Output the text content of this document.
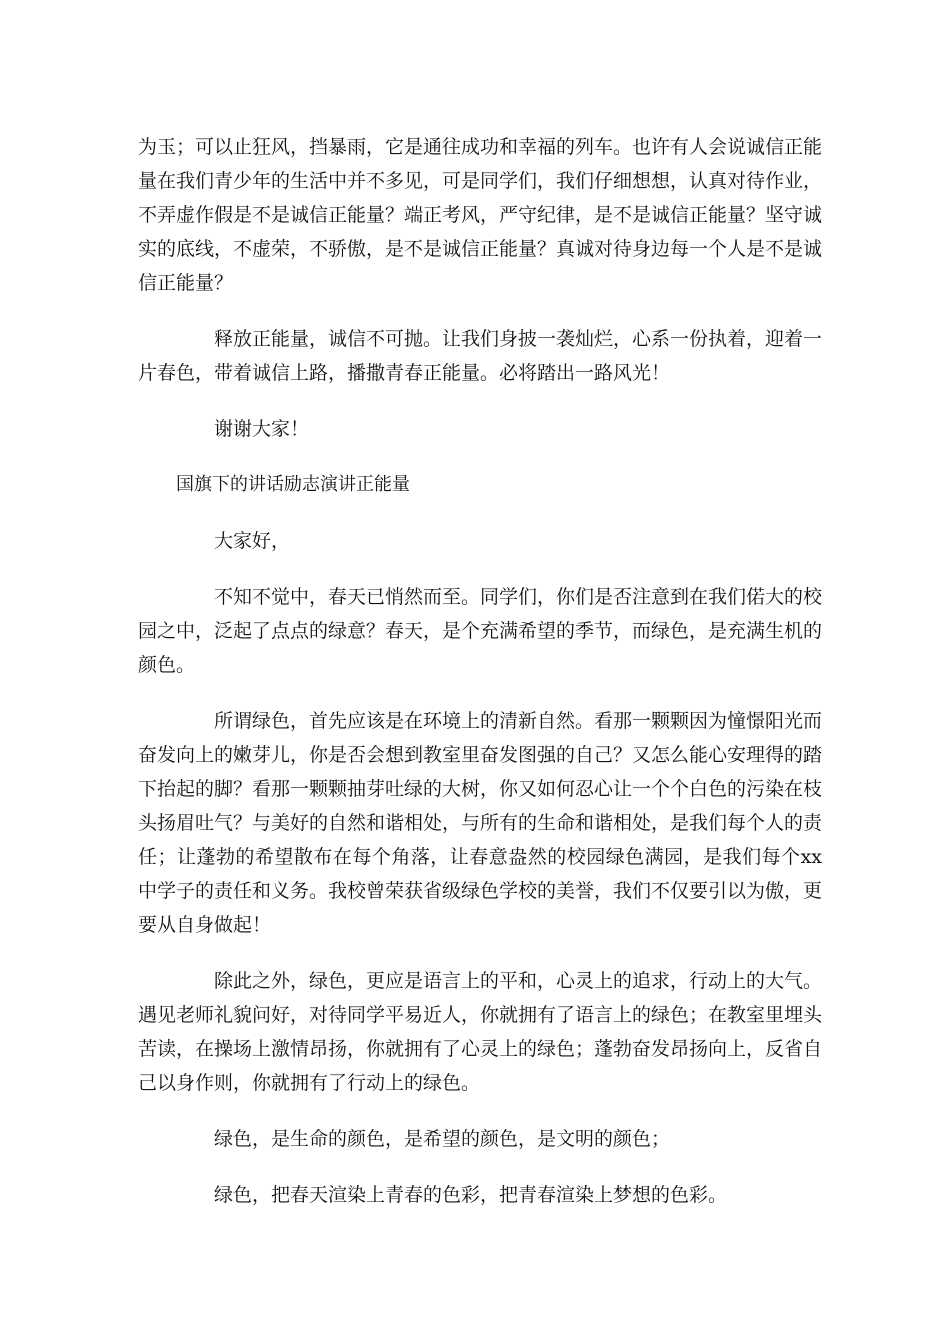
为玉；可以止狂风，挡暴雨，它是通往成功和幸福的列车。也许有人会说诚信正能量在我们青少年的生活中并不多见，可是同学们，我们仔细想想，认真对待作业，不弄虚作假是不是诚信正能量？端正考风，严守纪律，是不是诚信正能量？坚守诚实的底线，不虚荣，不骄傲，是不是诚信正能量？真诚对待身边每一个人是不是诚信正能量？

释放正能量，诚信不可抛。让我们身披一袭灿烂，心系一份执着，迎着一片春色，带着诚信上路，播撒青春正能量。必将踏出一路风光！

谢谢大家！

国旗下的讲话励志演讲正能量

大家好，

不知不觉中，春天已悄然而至。同学们，你们是否注意到在我们偌大的校园之中，泛起了点点的绿意？春天，是个充满希望的季节，而绿色，是充满生机的颜色。

所谓绿色，首先应该是在环境上的清新自然。看那一颗颗因为憧憬阳光而奋发向上的嫩芽儿，你是否会想到教室里奋发图强的自己？又怎么能心安理得的踏下抬起的脚？看那一颗颗抽芽吐绿的大树，你又如何忍心让一个个白色的污染在枝头扬眉吐气？与美好的自然和谐相处，与所有的生命和谐相处，是我们每个人的责任；让蓬勃的希望散布在每个角落，让春意盎然的校园绿色满园，是我们每个xx中学子的责任和义务。我校曾荣获省级绿色学校的美誉，我们不仅要引以为傲，更要从自身做起！

除此之外，绿色，更应是语言上的平和，心灵上的追求，行动上的大气。遇见老师礼貌问好，对待同学平易近人，你就拥有了语言上的绿色；在教室里埋头苦读，在操场上激情昂扬，你就拥有了心灵上的绿色；蓬勃奋发昂扬向上，反省自己以身作则，你就拥有了行动上的绿色。

绿色，是生命的颜色，是希望的颜色，是文明的颜色；

绿色，把春天渲染上青春的色彩，把青春渲染上梦想的色彩。
